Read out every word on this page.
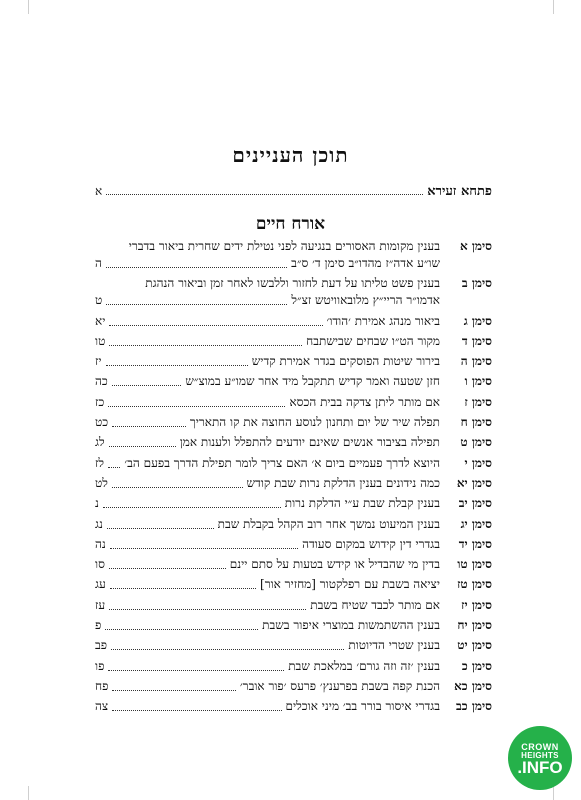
תוכן העניינים
פתחא זעירא
א
אורח חיים
סימן א
בענין מקומות האסורים בנגיעה לפני נטילת ידים שחרית ביאור בדברי
שו״ע אדה״ז מהדו״ב סימן ד׳ ס״ב
ה
סימן ב
בענין פשט טליתו על דעת לחזור וללבשו לאחר זמן וביאור הנהגת
אדמו״ר הריי״ץ מלובאוויטש זצ״ל
ט
סימן ג
ביאור מנהג אמירת ׳הודו׳
יא
סימן ד
מקור הט״ו שבחים שבישתבח
טו
סימן ה
בירור שיטות הפוסקים בגדר אמירת קדיש
יז
סימן ו
חזן שטעה ואמר קדיש תתקבל מיד אחר שמו״ע במוצ״ש
כה
סימן ז
אם מותר ליתן צדקה בבית הכסא
כז
סימן ח
תפלה שיר של יום ותחנון לנוסע החוצה את קו התאריך
כט
סימן ט
תפילה בציבור אנשים שאינם יודעים להתפלל ולענות אמן
לג
סימן י
היוצא לדרך פעמיים ביום א׳ האם צריך לומר תפילת הדרך בפעם הב׳
לז
סימן יא
כמה נידונים בענין הדלקת נרות שבת קודש
לט
סימן יב
בענין קבלת שבת ע״י הדלקת נרות
נ
סימן יג
בענין המיעוט נמשך אחר רוב הקהל בקבלת שבת
נג
סימן יד
בגדרי דין קידוש במקום סעודה
נה
סימן טו
בדין מי שהבדיל או קידש בטעות על סתם יינם
סו
סימן טז
יציאה בשבת עם רפלקטור [מחזיר אור]
עג
סימן יז
אם מותר לכבד שטיח בשבת
עז
סימן יח
בענין ההשתמשות במוצרי איפור בשבת
פ
סימן יט
בענין שטרי הדיוטות
פב
סימן כ
בענין ׳זה וזה גורם׳ במלאכת שבת
פו
סימן כא
הכנת קפה בשבת בפרענץ׳ פרעס ׳פור אובר׳
פח
סימן כב
בגדרי איסור בורר בב׳ מיני אוכלים
צה
CROWN
HEIGHTS
.INFO
